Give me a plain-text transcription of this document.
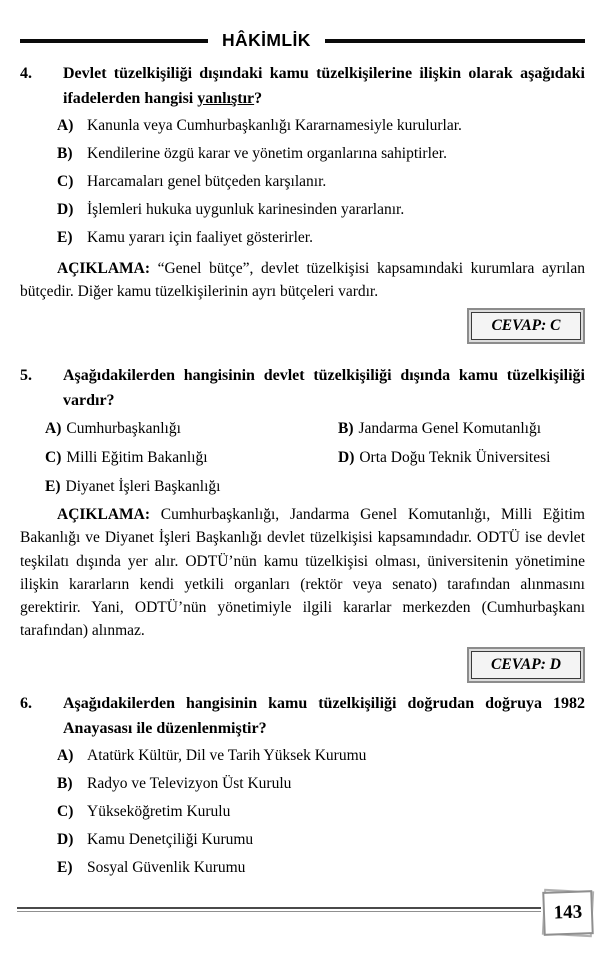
HÂKİMLİK
4.	Devlet tüzelkişiliği dışındaki kamu tüzelkişilerine ilişkin olarak aşağıdaki ifadelerden hangisi yanlıştır?
A) Kanunla veya Cumhurbaşkanlığı Kararnamesiyle kurulurlar.
B) Kendilerine özgü karar ve yönetim organlarına sahiptirler.
C) Harcamaları genel bütçeden karşılanır.
D) İşlemleri hukuka uygunluk karinesinden yararlanır.
E) Kamu yararı için faaliyet gösterirler.

AÇIKLAMA: “Genel bütçe”, devlet tüzelkişisi kapsamındaki kurumlara ayrılan bütçedir. Diğer kamu tüzelkişilerinin ayrı bütçeleri vardır.

CEVAP: C
5.	Aşağıdakilerden hangisinin devlet tüzelkişiliği dışında kamu tüzelkişiliği vardır?
A) Cumhurbaşkanlığı	B) Jandarma Genel Komutanlığı
C) Milli Eğitim Bakanlığı	D) Orta Doğu Teknik Üniversitesi
E) Diyanet İşleri Başkanlığı

AÇIKLAMA: Cumhurbaşkanlığı, Jandarma Genel Komutanlığı, Milli Eğitim Bakanlığı ve Diyanet İşleri Başkanlığı devlet tüzelkişisi kapsamındadır. ODTÜ ise devlet teşkilatı dışında yer alır. ODTÜ’nün kamu tüzelkişisi olması, üniversitenin yönetimine ilişkin kararların kendi yetkili organları (rektör veya senato) tarafından alınmasını gerektirir. Yani, ODTÜ’nün yönetimiyle ilgili kararlar merkezden (Cumhurbaşkanı tarafından) alınmaz.

CEVAP: D
6.	Aşağıdakilerden hangisinin kamu tüzelkişiliği doğrudan doğruya 1982 Anayasası ile düzenlenmiştir?
A) Atatürk Kültür, Dil ve Tarih Yüksek Kurumu
B) Radyo ve Televizyon Üst Kurulu
C) Yükseköğretim Kurulu
D) Kamu Denetçiliği Kurumu
E) Sosyal Güvenlik Kurumu
143
